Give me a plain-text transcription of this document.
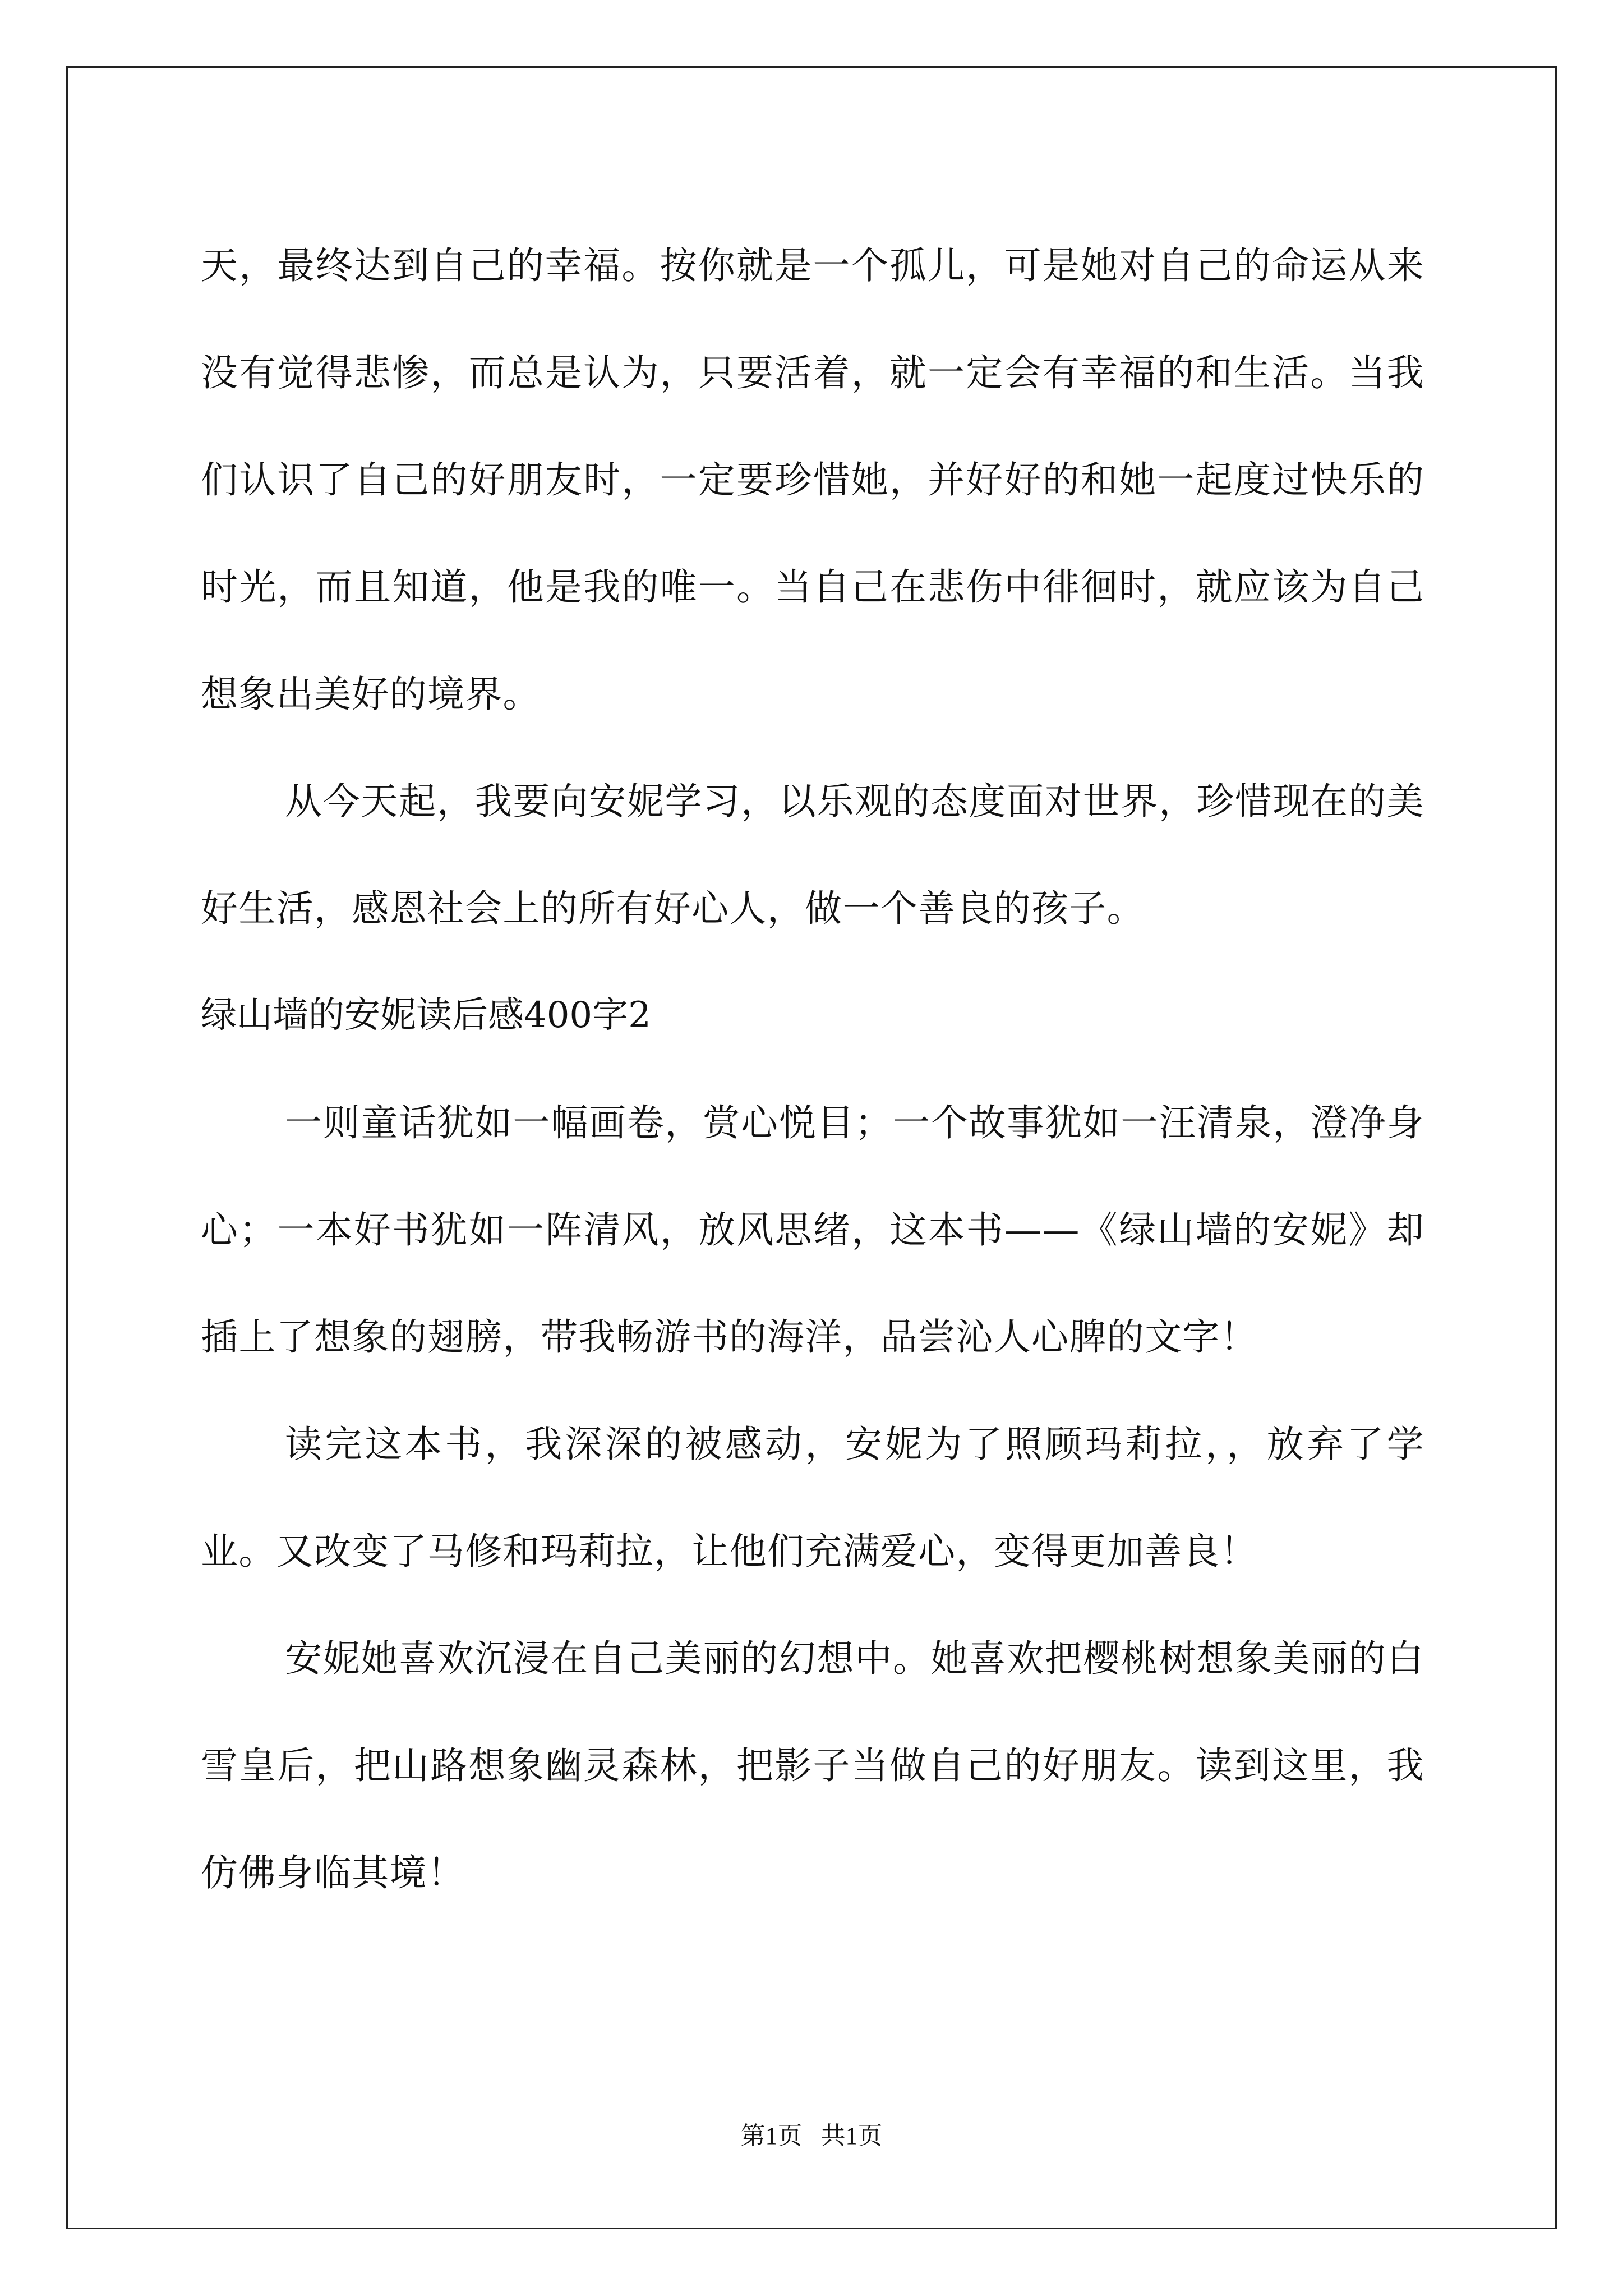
天，最终达到自己的幸福。按你就是一个孤儿，可是她对自己的命运从来没有觉得悲惨，而总是认为，只要活着，就一定会有幸福的和生活。当我们认识了自己的好朋友时，一定要珍惜她，并好好的和她一起度过快乐的时光，而且知道，他是我的唯一。当自己在悲伤中徘徊时，就应该为自己想象出美好的境界。

从今天起，我要向安妮学习，以乐观的态度面对世界，珍惜现在的美好生活，感恩社会上的所有好心人，做一个善良的孩子。

绿山墙的安妮读后感400字2

一则童话犹如一幅画卷，赏心悦目；一个故事犹如一汪清泉，澄净身心；一本好书犹如一阵清风，放风思绪，这本书——《绿山墙的安妮》却插上了想象的翅膀，带我畅游书的海洋，品尝沁人心脾的文字！

读完这本书，我深深的被感动，安妮为了照顾玛莉拉，，放弃了学业。又改变了马修和玛莉拉，让他们充满爱心，变得更加善良！

安妮她喜欢沉浸在自己美丽的幻想中。她喜欢把樱桃树想象美丽的白雪皇后，把山路想象幽灵森林，把影子当做自己的好朋友。读到这里，我仿佛身临其境！

第1页   共1页
